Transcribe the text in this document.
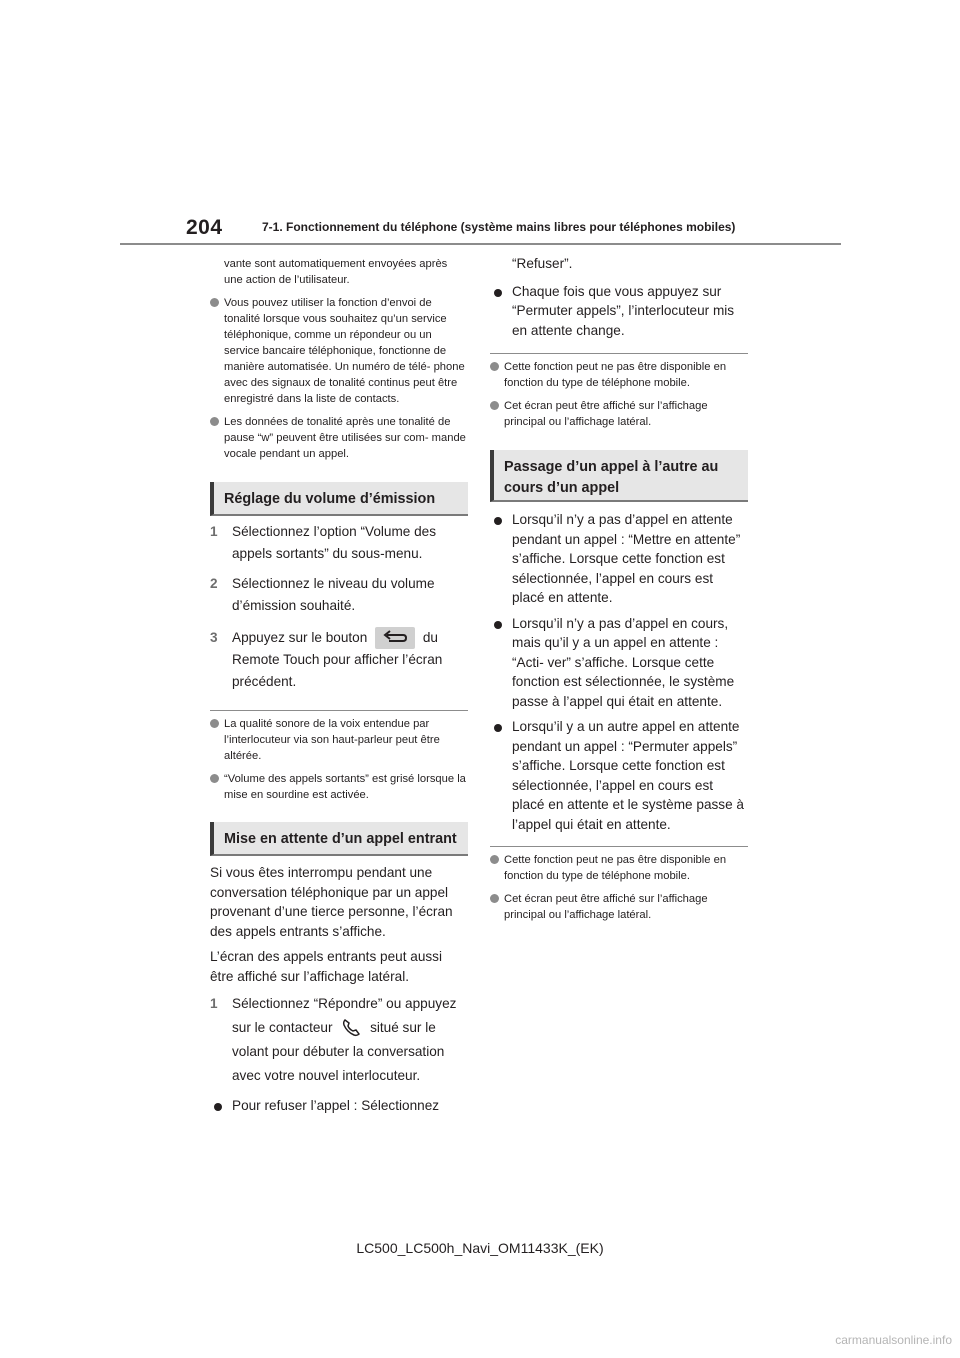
204	7-1. Fonctionnement du téléphone (système mains libres pour téléphones mobiles)
vante sont automatiquement envoyées après une action de l’utilisateur.
Vous pouvez utiliser la fonction d’envoi de tonalité lorsque vous souhaitez qu’un service téléphonique, comme un répondeur ou un service bancaire téléphonique, fonctionne de manière automatisée. Un numéro de télé- phone avec des signaux de tonalité continus peut être enregistré dans la liste de contacts.
Les données de tonalité après une tonalité de pause “w” peuvent être utilisées sur com- mande vocale pendant un appel.
Réglage du volume d’émission
1 Sélectionnez l’option “Volume des appels sortants” du sous-menu.
2 Sélectionnez le niveau du volume d’émission souhaité.
3 Appuyez sur le bouton	du Remote Touch pour afficher l’écran précédent.
La qualité sonore de la voix entendue par l’interlocuteur via son haut-parleur peut être altérée.
“Volume des appels sortants” est grisé lorsque la mise en sourdine est activée.
Mise en attente d’un appel entrant

Si vous êtes interrompu pendant une conversation téléphonique par un appel provenant d’une tierce personne, l’écran des appels entrants s’affiche.

L’écran des appels entrants peut aussi être affiché sur l’affichage latéral.

1 Sélectionnez “Répondre” ou appuyez sur le contacteur	situé sur le volant pour débuter la conversation avec votre nouvel interlocuteur.
Pour refuser l’appel : Sélectionnez
“Refuser”.
Chaque fois que vous appuyez sur “Permuter appels”, l’interlocuteur mis en attente change.
Cette fonction peut ne pas être disponible en fonction du type de téléphone mobile.
Cet écran peut être affiché sur l’affichage principal ou l’affichage latéral.
Passage d’un appel à l’autre au cours d’un appel
Lorsqu’il n’y a pas d’appel en attente pendant un appel : “Mettre en attente” s’affiche. Lorsque cette fonction est sélectionnée, l’appel en cours est placé en attente.
Lorsqu’il n’y a pas d’appel en cours, mais qu’il y a un appel en attente : “Acti- ver” s’affiche. Lorsque cette fonction est sélectionnée, le système passe à l’appel qui était en attente.
Lorsqu’il y a un autre appel en attente pendant un appel : “Permuter appels” s’affiche. Lorsque cette fonction est sélectionnée, l’appel en cours est placé en attente et le système passe à l’appel qui était en attente.
Cette fonction peut ne pas être disponible en fonction du type de téléphone mobile.
Cet écran peut être affiché sur l’affichage principal ou l’affichage latéral.
LC500_LC500h_Navi_OM11433K_(EK)
carmanualsonline.info
